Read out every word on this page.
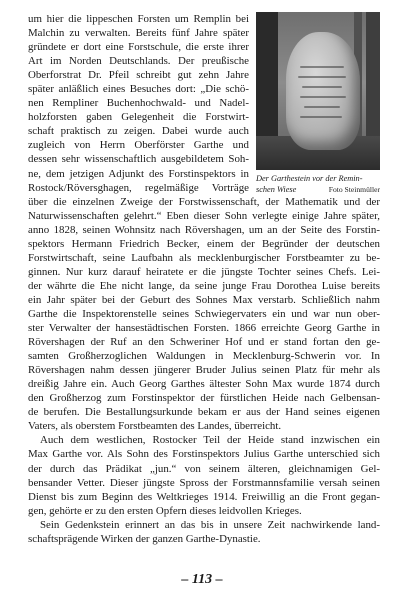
Der Garthestein vor der Remin-
schen Wiese	Foto Steinmüller
um hier die lippeschen Forsten um Remplin bei
Malchin zu verwalten. Bereits fünf Jahre später
gründete er dort eine Forstschule, die erste ihrer
Art im Norden Deutschlands. Der preußische
Oberforstrat Dr. Pfeil schreibt gut zehn Jahre
später anläßlich eines Besuches dort: „Die schö-
nen Rempliner Buchenhochwald- und Nadel-
holzforsten gaben Gelegenheit die Forstwirt-
schaft praktisch zu zeigen. Dabei wurde auch
zugleich von Herrn Oberförster Garthe und
dessen sehr wissenschaftlich ausgebildetem Soh-
ne, dem jetzigen Adjunkt des Forstinspektors in
Rostock/Röversghagen, regelmäßige Vorträge
über die einzelnen Zweige der Forstwissenschaft, der Mathematik und der
Naturwissenschaften gelehrt.“ Eben dieser Sohn verlegte einige Jahre später,
anno 1828, seinen Wohnsitz nach Rövershagen, um an der Seite des Forstin-
spektors Hermann Friedrich Becker, einem der Begründer der deutschen
Forstwirtschaft, seine Laufbahn als mecklenburgischer Forstbeamter zu be-
ginnen. Nur kurz darauf heiratete er die jüngste Tochter seines Chefs. Lei-
der währte die Ehe nicht lange, da seine junge Frau Dorothea Luise bereits
ein Jahr später bei der Geburt des Sohnes Max verstarb. Schließlich nahm
Garthe die Inspektorenstelle seines Schwiegervaters ein und war nun ober-
ster Verwalter der hansestädtischen Forsten. 1866 erreichte Georg Garthe in
Rövershagen der Ruf an den Schweriner Hof und er stand fortan den ge-
samten Großherzoglichen Waldungen in Mecklenburg-Schwerin vor. In
Rövershagen nahm dessen jüngerer Bruder Julius seinen Platz für mehr als
dreißig Jahre ein. Auch Georg Garthes ältester Sohn Max wurde 1874 durch
den Großherzog zum Forstinspektor der fürstlichen Heide nach Gelbensan-
de berufen. Die Bestallungsurkunde bekam er aus der Hand seines eigenen
Vaters, als oberstem Forstbeamten des Landes, überreicht.
Auch dem westlichen, Rostocker Teil der Heide stand inzwischen ein
Max Garthe vor. Als Sohn des Forstinspektors Julius Garthe unterschied sich
der durch das Prädikat „jun.“ von seinem älteren, gleichnamigen Gel-
bensander Vetter. Dieser jüngste Spross der Forstmannsfamilie versah seinen
Dienst bis zum Beginn des Weltkrieges 1914. Freiwillig an die Front gegan-
gen, gehörte er zu den ersten Opfern dieses leidvollen Krieges.
Sein Gedenkstein erinnert an das bis in unsere Zeit nachwirkende land-
schaftsprägende Wirken der ganzen Garthe-Dynastie.
– 113 –
